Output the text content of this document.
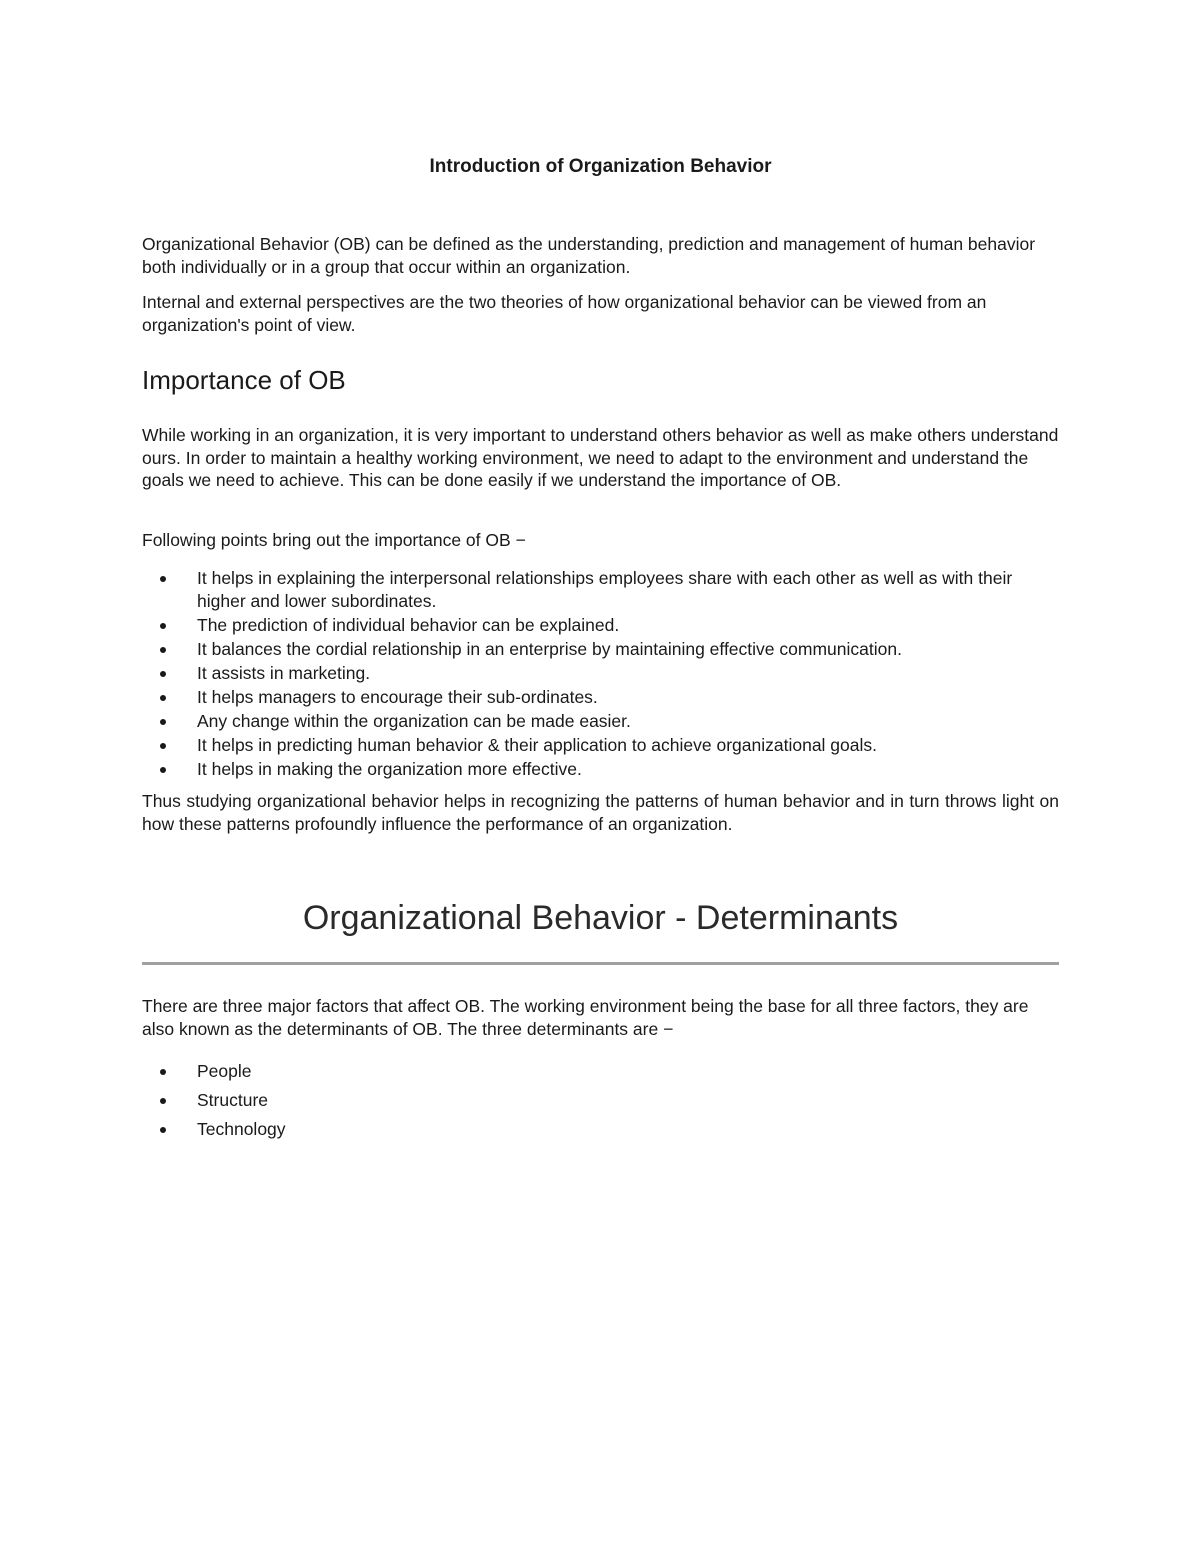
Introduction of Organization Behavior

Organizational Behavior (OB) can be defined as the understanding, prediction and management of human behavior both individually or in a group that occur within an organization.

Internal and external perspectives are the two theories of how organizational behavior can be viewed from an organization's point of view.

Importance of OB

While working in an organization, it is very important to understand others behavior as well as make others understand ours. In order to maintain a healthy working environment, we need to adapt to the environment and understand the goals we need to achieve. This can be done easily if we understand the importance of OB.

Following points bring out the importance of OB −

It helps in explaining the interpersonal relationships employees share with each other as well as with their higher and lower subordinates.
The prediction of individual behavior can be explained.
It balances the cordial relationship in an enterprise by maintaining effective communication.
It assists in marketing.
It helps managers to encourage their sub-ordinates.
Any change within the organization can be made easier.
It helps in predicting human behavior & their application to achieve organizational goals.
It helps in making the organization more effective.

Thus studying organizational behavior helps in recognizing the patterns of human behavior and in turn throws light on how these patterns profoundly influence the performance of an organization.

Organizational Behavior - Determinants

There are three major factors that affect OB. The working environment being the base for all three factors, they are also known as the determinants of OB. The three determinants are −

People
Structure
Technology
